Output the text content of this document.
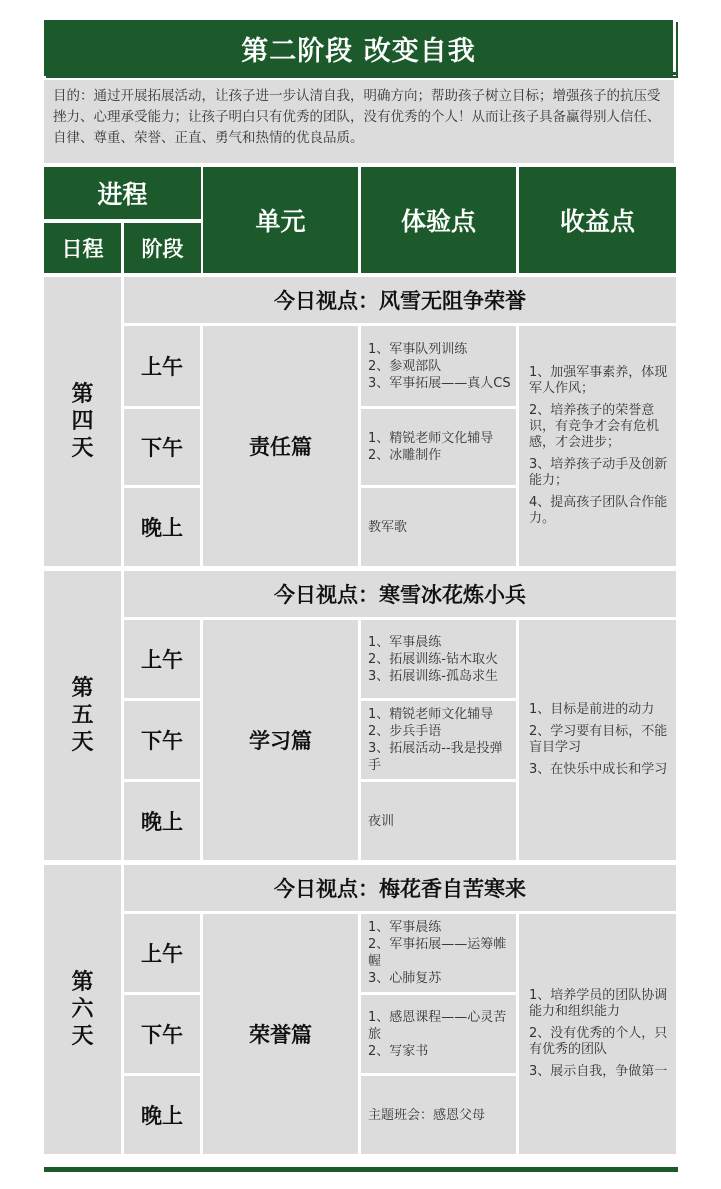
第二阶段 改变自我
目的：通过开展拓展活动，让孩子进一步认清自我，明确方向；帮助孩子树立目标；增强孩子的抗压受挫力、心理承受能力；让孩子明白只有优秀的团队，没有优秀的个人！从而让孩子具备赢得别人信任、自律、尊重、荣誉、正直、勇气和热情的优良品质。
进程
日程 阶段
单元	体验点	收益点
第四天
今日视点：风雪无阻争荣誉
上午
下午
晚上
责任篇
1、军事队列训练
2、参观部队
3、军事拓展——真人CS
1、精锐老师文化辅导
2、冰雕制作
教军歌
1、加强军事素养，体现军人作风；
2、培养孩子的荣誉意识，有竞争才会有危机感，才会进步；
3、培养孩子动手及创新能力；
4、提高孩子团队合作能力。
第五天
今日视点：寒雪冰花炼小兵
上午
下午
晚上
学习篇
1、军事晨练
2、拓展训练-钻木取火
3、拓展训练-孤岛求生
1、精锐老师文化辅导
2、步兵手语
3、拓展活动--我是投弹手
夜训
1、目标是前进的动力
2、学习要有目标，不能盲目学习
3、在快乐中成长和学习
第六天
今日视点：梅花香自苦寒来
上午
下午
晚上
荣誉篇
1、军事晨练
2、军事拓展——运筹帷幄
3、心肺复苏
1、感恩课程——心灵苦旅
2、写家书
主题班会：感恩父母
1、培养学员的团队协调能力和组织能力
2、没有优秀的个人，只有优秀的团队
3、展示自我，争做第一
